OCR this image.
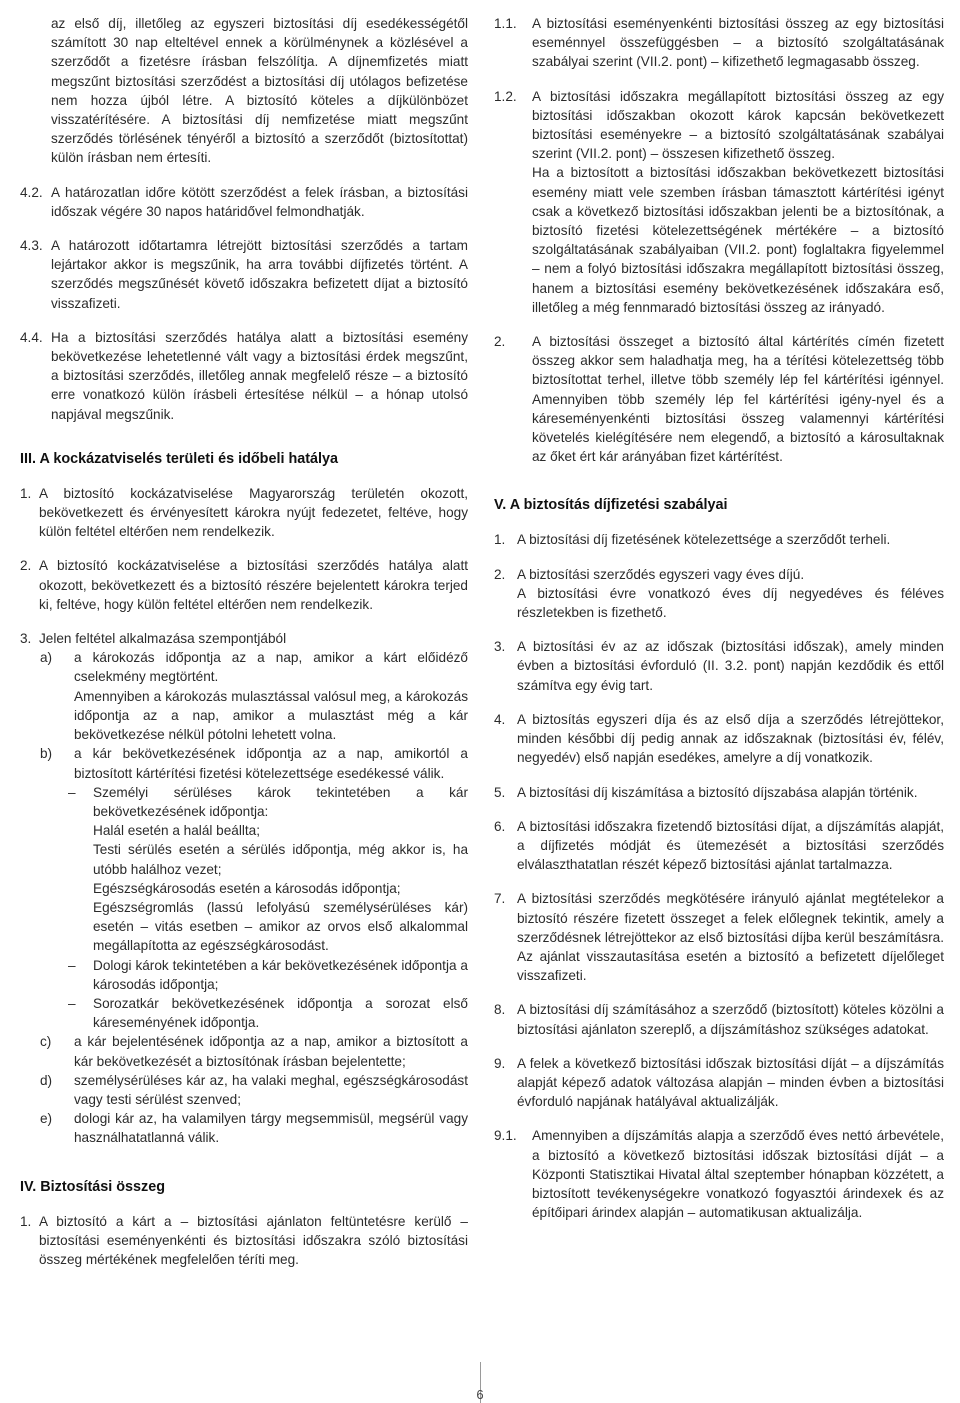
az első díj, illetőleg az egyszeri biztosítási díj esedékességétől számított 30 nap elteltével ennek a körülménynek a közlésével a szerződőt a fizetésre írásban felszólítja. A díjnemfizetés miatt megszűnt biztosítási szerződést a biztosítási díj utólagos befizetése nem hozza újból létre. A biztosító köteles a díjkülönbözet visszatérítésére. A biztosítási díj nemfizetése miatt megszűnt szerződés törlésének tényéről a biztosító a szerződőt (biztosítottat) külön írásban nem értesíti.

4.2. A határozatlan időre kötött szerződést a felek írásban, a biztosítási időszak végére 30 napos határidővel felmondhatják.
4.3. A határozott időtartamra létrejött biztosítási szerződés a tartam lejártakor akkor is megszűnik, ha arra további díjfizetés történt. A szerződés megszűnését követő időszakra befizetett díjat a biztosító visszafizeti.
4.4. Ha a biztosítási szerződés hatálya alatt a biztosítási esemény bekövetkezése lehetetlenné vált vagy a biztosítási érdek megszűnt, a biztosítási szerződés, illetőleg annak megfelelő része – a biztosító erre vonatkozó külön írásbeli értesítése nélkül – a hónap utolsó napjával megszűnik.
III. A kockázatviselés területi és időbeli hatálya
1. A biztosító kockázatviselése Magyarország területén okozott, bekövetkezett és érvényesített károkra nyújt fedezetet, feltéve, hogy külön feltétel eltérően nem rendelkezik.
2. A biztosító kockázatviselése a biztosítási szerződés hatálya alatt okozott, bekövetkezett és a biztosító részére bejelentett károkra terjed ki, feltéve, hogy külön feltétel eltérően nem rendelkezik.
3. Jelen feltétel alkalmazása szempontjából
a)	a károkozás időpontja az a nap, amikor a kárt előidéző cselekmény megtörtént.
Amennyiben a károkozás mulasztással valósul meg, a károkozás időpontja az a nap, amikor a mulasztást még a kár bekövetkezése nélkül pótolni lehetett volna.
b)	a kár bekövetkezésének időpontja az a nap, amikortól a biztosított kártérítési fizetési kötelezettsége esedékessé válik.
–	Személyi sérüléses károk tekintetében a kár bekövetkezésének időpontja:
Halál esetén a halál beállta;
Testi sérülés esetén a sérülés időpontja, még akkor is, ha utóbb halálhoz vezet;
Egészségkárosodás esetén a károsodás időpontja;
Egészségromlás (lassú lefolyású személysérüléses kár) esetén – vitás esetben – amikor az orvos első alkalommal megállapította az egészségkárosodást.
–	Dologi károk tekintetében a kár bekövetkezésének időpontja a károsodás időpontja;
–	Sorozatkár bekövetkezésének időpontja a sorozat első káreseményének időpontja.
c)	a kár bejelentésének időpontja az a nap, amikor a biztosított a kár bekövetkezését a biztosítónak írásban bejelentette;
d)	személysérüléses kár az, ha valaki meghal, egészségkárosodást vagy testi sérülést szenved;
e)	dologi kár az, ha valamilyen tárgy megsemmisül, megsérül vagy használhatatlanná válik.
IV. Biztosítási összeg
1. A biztosító a kárt a – biztosítási ajánlaton feltüntetésre kerülő – biztosítási eseményenkénti és biztosítási időszakra szóló biztosítási összeg mértékének megfelelően téríti meg.
1.1.	A biztosítási eseményenkénti biztosítási összeg az egy biztosítási eseménnyel összefüggésben – a biztosító szolgáltatásának szabályai szerint (VII.2. pont) – kifizethető legmagasabb összeg.
1.2.	A biztosítási időszakra megállapított biztosítási összeg az egy biztosítási időszakban okozott károk kapcsán bekövetkezett biztosítási eseményekre – a biztosító szolgáltatásának szabályai szerint (VII.2. pont) – összesen kifizethető összeg.

Ha a biztosított a biztosítási időszakban bekövetkezett biztosítási esemény miatt vele szemben írásban támasztott kártérítési igényt csak a következő biztosítási időszakban jelenti be a biztosítónak, a biztosító fizetési kötelezettségének mértékére – a biztosító szolgáltatásának szabályaiban (VII.2. pont) foglaltakra figyelemmel – nem a folyó biztosítási időszakra megállapított biztosítási összeg, hanem a biztosítási esemény bekövetkezésének időszakára eső, illetőleg a még fennmaradó biztosítási összeg az irányadó.

2.	A biztosítási összeget a biztosító által kártérítés címén fizetett összeg akkor sem haladhatja meg, ha a térítési kötelezettség több biztosítottat terhel, illetve több személy lép fel kártérítési igénnyel. Amennyiben több személy lép fel kártérítési igény-nyel és a káreseményenkénti biztosítási összeg valamennyi kártérítési követelés kielégítésére nem elegendő, a biztosító a károsultaknak az őket ért kár arányában fizet kártérítést.
V. A biztosítás díjfizetési szabályai
1. A biztosítási díj fizetésének kötelezettsége a szerződőt terheli.
2. A biztosítási szerződés egyszeri vagy éves díjú.

A biztosítási évre vonatkozó éves díj negyedéves és féléves részletekben is fizethető.

3. A biztosítási év az az időszak (biztosítási időszak), amely minden évben a biztosítási évforduló (II. 3.2. pont) napján kezdődik és ettől számítva egy évig tart.
4. A biztosítás egyszeri díja és az első díja a szerződés létrejöttekor, minden későbbi díj pedig annak az időszaknak (biztosítási év, félév, negyedév) első napján esedékes, amelyre a díj vonatkozik.
5. A biztosítási díj kiszámítása a biztosító díjszabása alapján történik.
6. A biztosítási időszakra fizetendő biztosítási díjat, a díjszámítás alapját, a díjfizetés módját és ütemezését a biztosítási szerződés elválaszthatatlan részét képező biztosítási ajánlat tartalmazza.
7. A biztosítási szerződés megkötésére irányuló ajánlat megtételekor a biztosító részére fizetett összeget a felek előlegnek tekintik, amely a szerződésnek létrejöttekor az első biztosítási díjba kerül beszámításra. Az ajánlat visszautasítása esetén a biztosító a befizetett díjelőleget visszafizeti.
8. A biztosítási díj számításához a szerződő (biztosított) köteles közölni a biztosítási ajánlaton szereplő, a díjszámításhoz szükséges adatokat.
9. A felek a következő biztosítási időszak biztosítási díját – a díjszámítás alapját képező adatok változása alapján – minden évben a biztosítási évforduló napjának hatályával aktualizálják.
9.1.	Amennyiben a díjszámítás alapja a szerződő éves nettó árbevétele, a biztosító a következő biztosítási időszak biztosítási díját – a Központi Statisztikai Hivatal által szeptember hónapban közzétett, a biztosított tevékenységekre vonatkozó fogyasztói árindexek és az építőipari árindex alapján – automatikusan aktualizálja.
6
